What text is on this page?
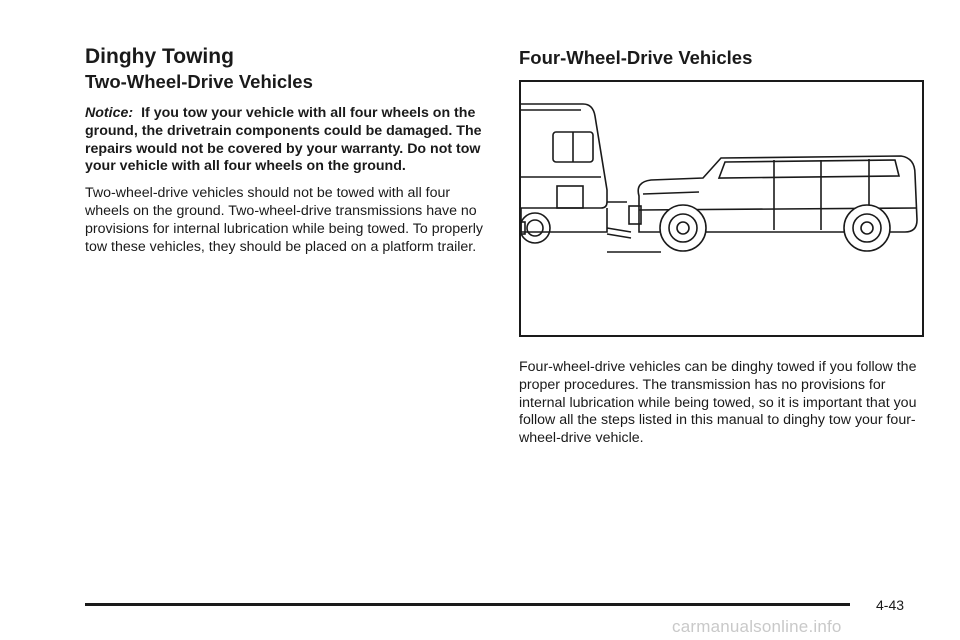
Dinghy Towing
Two-Wheel-Drive Vehicles

Notice: If you tow your vehicle with all four wheels on the ground, the drivetrain components could be damaged. The repairs would not be covered by your warranty. Do not tow your vehicle with all four wheels on the ground.

Two-wheel-drive vehicles should not be towed with all four wheels on the ground. Two-wheel-drive transmissions have no provisions for internal lubrication while being towed. To properly tow these vehicles, they should be placed on a platform trailer.

Four-Wheel-Drive Vehicles

Four-wheel-drive vehicles can be dinghy towed if you follow the proper procedures. The transmission has no provisions for internal lubrication while being towed, so it is important that you follow all the steps listed in this manual to dinghy tow your four-wheel-drive vehicle.

4-43
carmanualsonline.info
